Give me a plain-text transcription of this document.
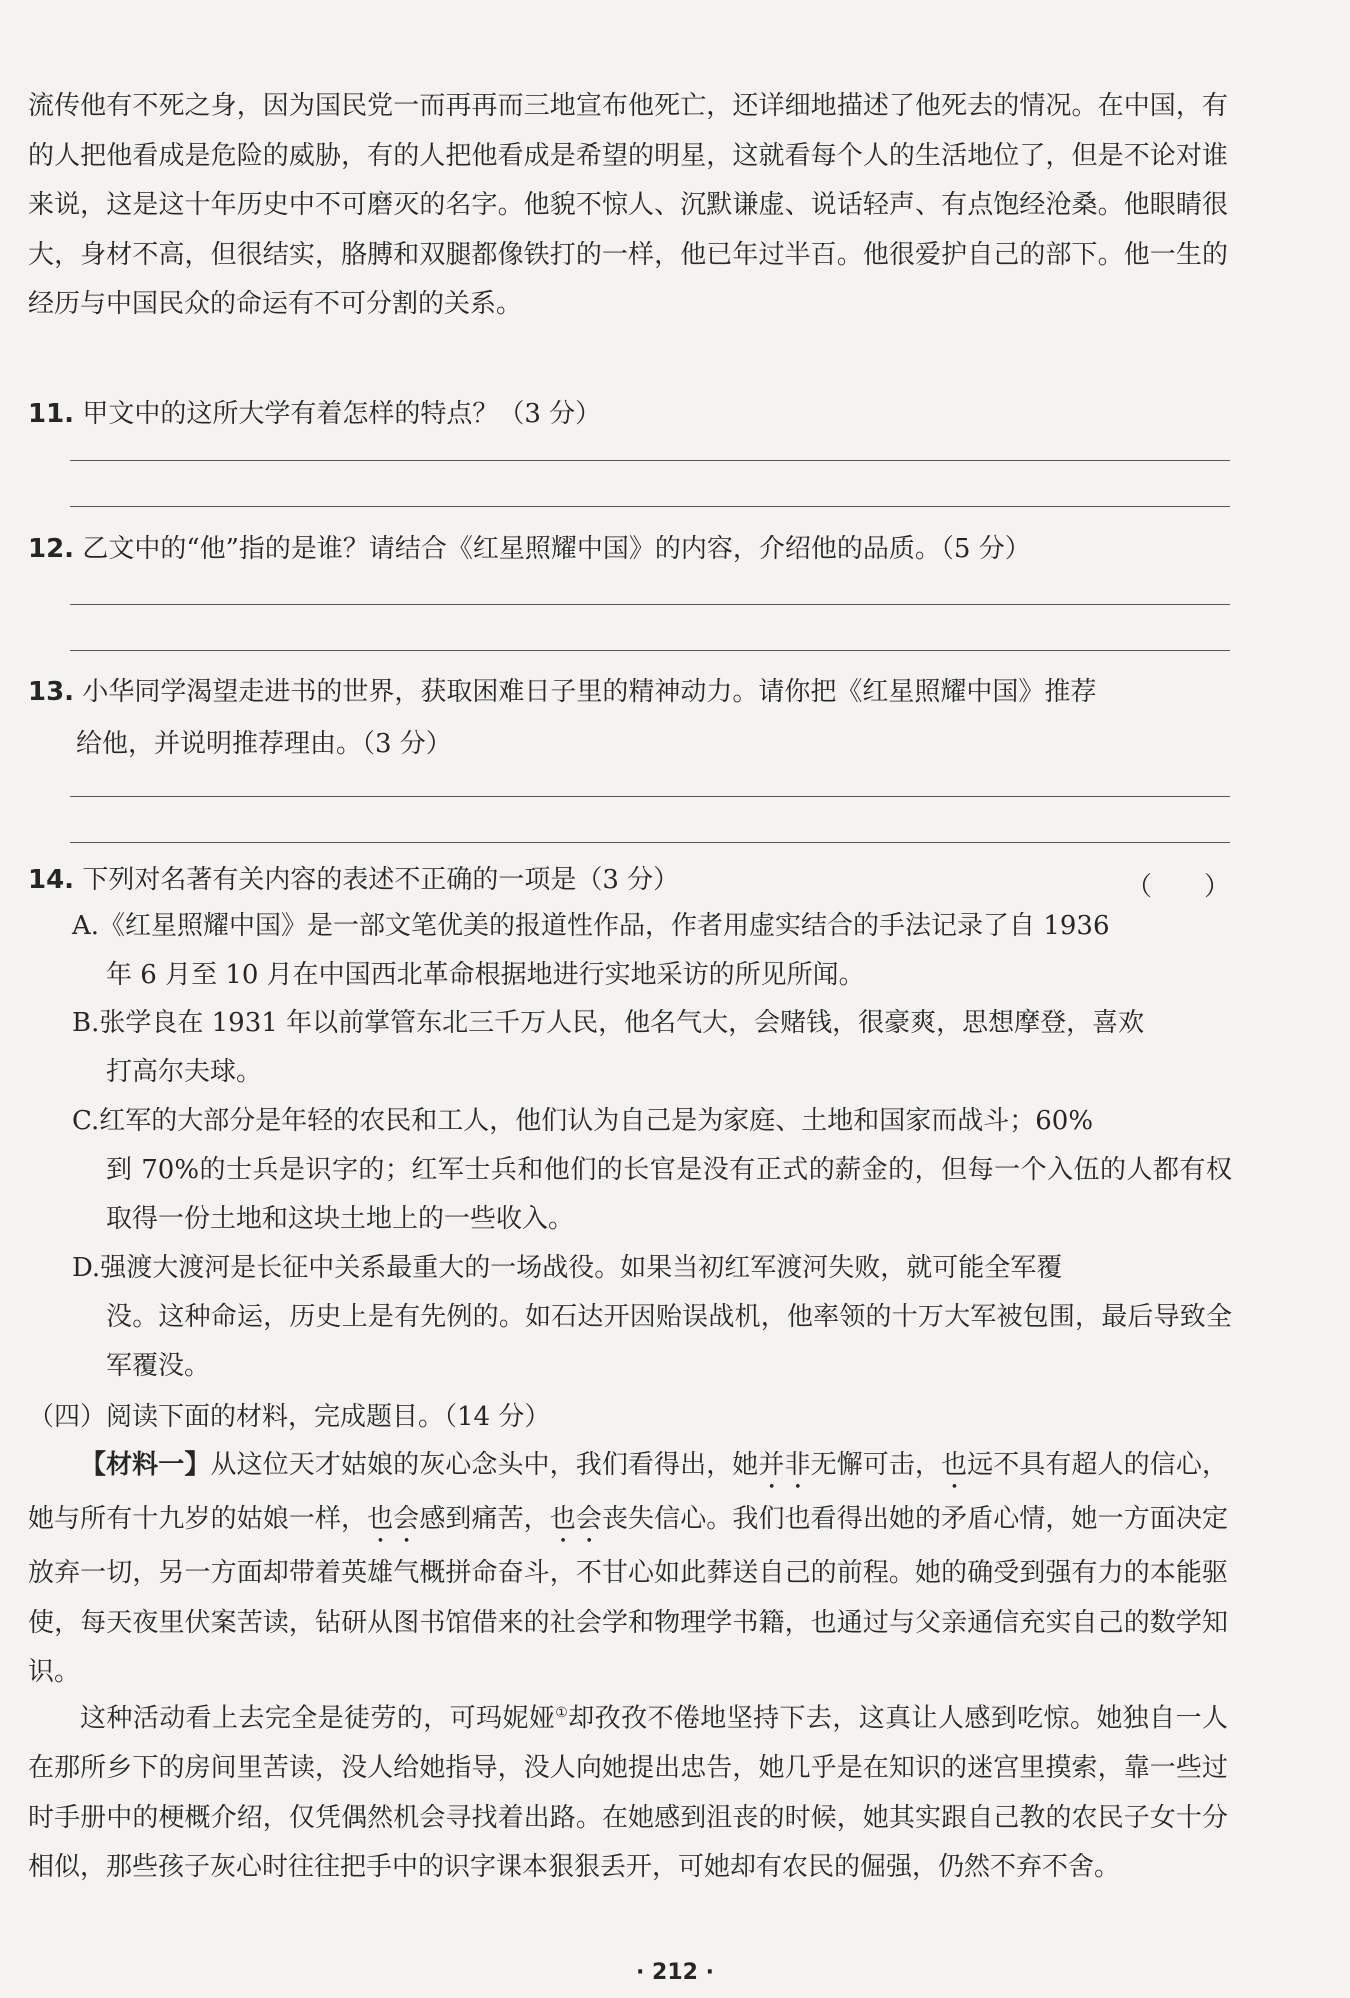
流传他有不死之身，因为国民党一而再再而三地宣布他死亡，还详细地描述了他死去的情况。在中国，有的人把他看成是危险的威胁，有的人把他看成是希望的明星，这就看每个人的生活地位了，但是不论对谁来说，这是这十年历史中不可磨灭的名字。他貌不惊人、沉默谦虚、说话轻声、有点饱经沧桑。他眼睛很大，身材不高，但很结实，胳膊和双腿都像铁打的一样，他已年过半百。他很爱护自己的部下。他一生的经历与中国民众的命运有不可分割的关系。

11. 甲文中的这所大学有着怎样的特点？（3 分）

12. 乙文中的“他”指的是谁？请结合《红星照耀中国》的内容，介绍他的品质。（5 分）

13. 小华同学渴望走进书的世界，获取困难日子里的精神动力。请你把《红星照耀中国》推荐
给他，并说明推荐理由。（3 分）

14. 下列对名著有关内容的表述不正确的一项是（3 分）	（　　）

A.《红星照耀中国》是一部文笔优美的报道性作品，作者用虚实结合的手法记录了自 1936
年 6 月至 10 月在中国西北革命根据地进行实地采访的所见所闻。

B.张学良在 1931 年以前掌管东北三千万人民，他名气大，会赌钱，很豪爽，思想摩登，喜欢
打高尔夫球。

C.红军的大部分是年轻的农民和工人，他们认为自己是为家庭、土地和国家而战斗；60%
到 70%的士兵是识字的；红军士兵和他们的长官是没有正式的薪金的，但每一个入伍的人都有权取得一份土地和这块土地上的一些收入。

D.强渡大渡河是长征中关系最重大的一场战役。如果当初红军渡河失败，就可能全军覆
没。这种命运，历史上是有先例的。如石达开因贻误战机，他率领的十万大军被包围，最后导致全军覆没。

（四）阅读下面的材料，完成题目。（14 分）

【材料一】从这位天才姑娘的灰心念头中，我们看得出，她并非无懈可击，也远不具有超人的信心，她与所有十九岁的姑娘一样，也会感到痛苦，也会丧失信心。我们也看得出她的矛盾心情，她一方面决定放弃一切，另一方面却带着英雄气概拼命奋斗，不甘心如此葬送自己的前程。她的确受到强有力的本能驱使，每天夜里伏案苦读，钻研从图书馆借来的社会学和物理学书籍，也通过与父亲通信充实自己的数学知识。

这种活动看上去完全是徒劳的，可玛妮娅①却孜孜不倦地坚持下去，这真让人感到吃惊。她独自一人在那所乡下的房间里苦读，没人给她指导，没人向她提出忠告，她几乎是在知识的迷宫里摸索，靠一些过时手册中的梗概介绍，仅凭偶然机会寻找着出路。在她感到沮丧的时候，她其实跟自己教的农民子女十分相似，那些孩子灰心时往往把手中的识字课本狠狠丢开，可她却有农民的倔强，仍然不弃不舍。

· 212 ·
